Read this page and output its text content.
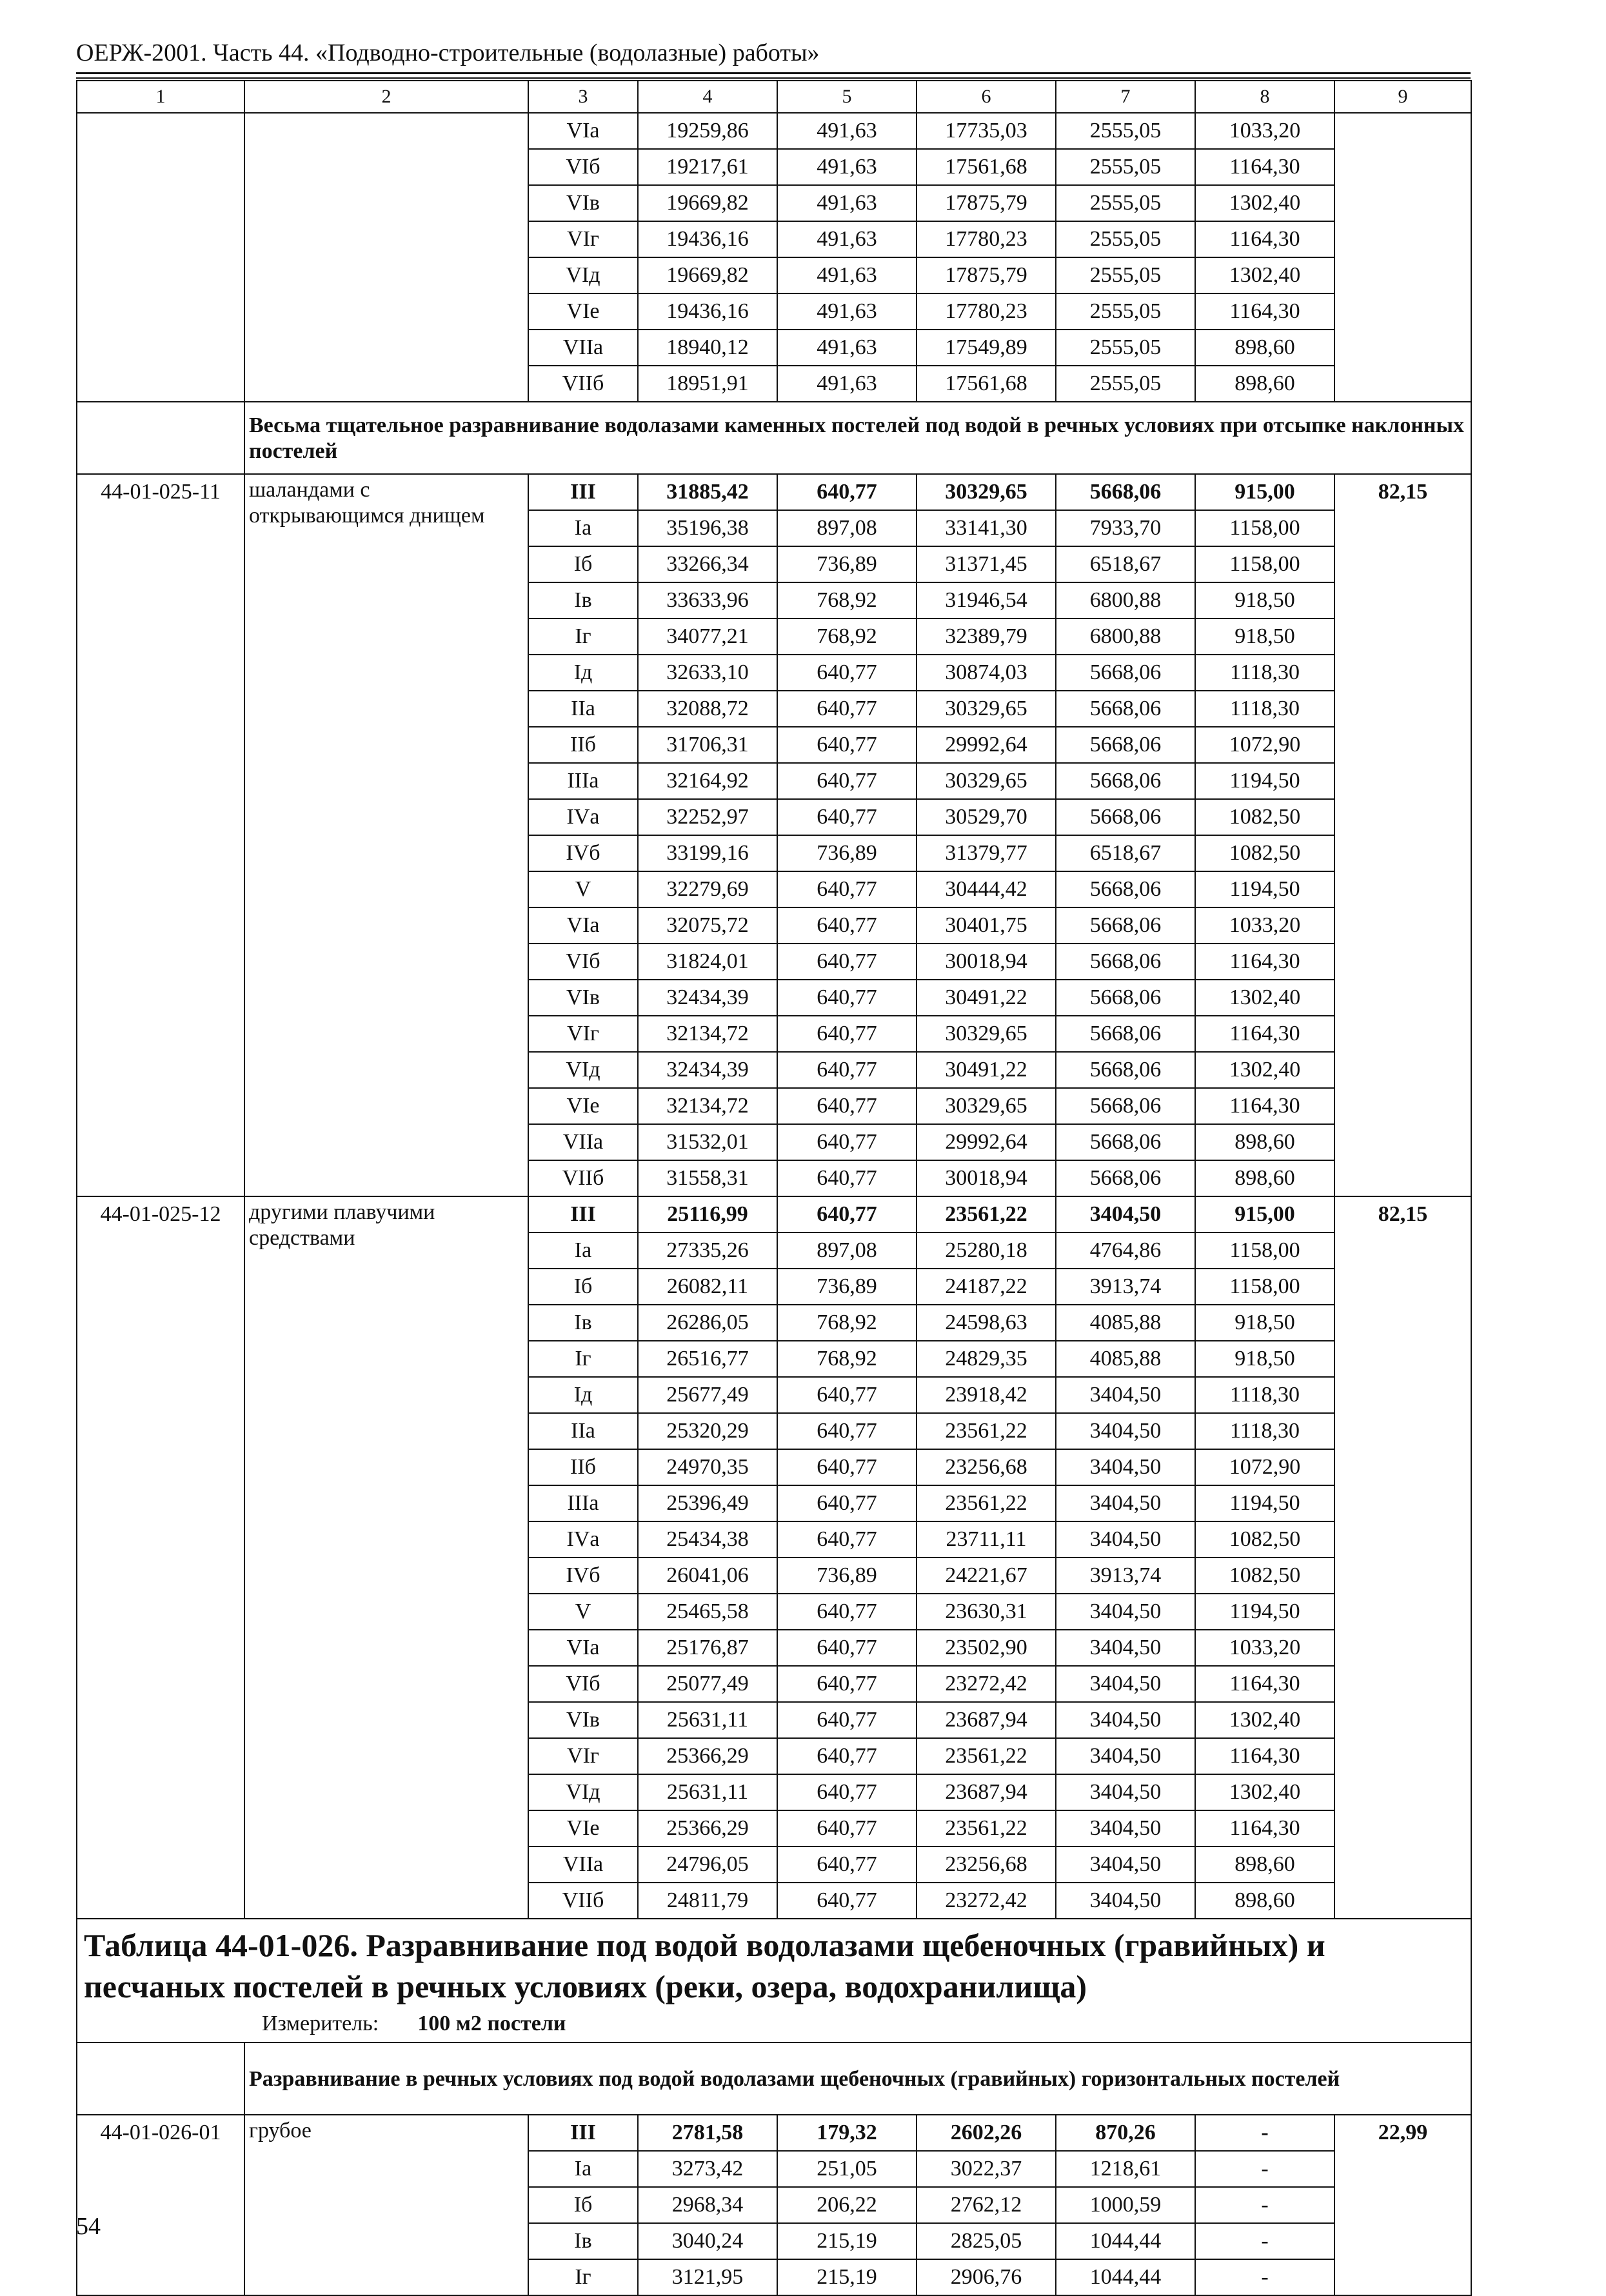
ОЕРЖ-2001. Часть 44. «Подводно-строительные (водолазные) работы»
1	2	3	4	5	6	7	8	9
		VIа	19259,86	491,63	17735,03	2555,05	1033,20	
		VIб	19217,61	491,63	17561,68	2555,05	1164,30	
		VIв	19669,82	491,63	17875,79	2555,05	1302,40	
		VIг	19436,16	491,63	17780,23	2555,05	1164,30	
		VIд	19669,82	491,63	17875,79	2555,05	1302,40	
		VIе	19436,16	491,63	17780,23	2555,05	1164,30	
		VIIа	18940,12	491,63	17549,89	2555,05	898,60	
		VIIб	18951,91	491,63	17561,68	2555,05	898,60	
	Весьма тщательное разравнивание водолазами каменных постелей под водой в речных условиях при отсыпке наклонных постелей							
44-01-025-11	шаландами с открывающимся днищем	III	31885,42	640,77	30329,65	5668,06	915,00	82,15
		Iа	35196,38	897,08	33141,30	7933,70	1158,00	
		Iб	33266,34	736,89	31371,45	6518,67	1158,00	
		Iв	33633,96	768,92	31946,54	6800,88	918,50	
		Iг	34077,21	768,92	32389,79	6800,88	918,50	
		Iд	32633,10	640,77	30874,03	5668,06	1118,30	
		IIа	32088,72	640,77	30329,65	5668,06	1118,30	
		IIб	31706,31	640,77	29992,64	5668,06	1072,90	
		IIIа	32164,92	640,77	30329,65	5668,06	1194,50	
		IVа	32252,97	640,77	30529,70	5668,06	1082,50	
		IVб	33199,16	736,89	31379,77	6518,67	1082,50	
		V	32279,69	640,77	30444,42	5668,06	1194,50	
		VIа	32075,72	640,77	30401,75	5668,06	1033,20	
		VIб	31824,01	640,77	30018,94	5668,06	1164,30	
		VIв	32434,39	640,77	30491,22	5668,06	1302,40	
		VIг	32134,72	640,77	30329,65	5668,06	1164,30	
		VIд	32434,39	640,77	30491,22	5668,06	1302,40	
		VIе	32134,72	640,77	30329,65	5668,06	1164,30	
		VIIа	31532,01	640,77	29992,64	5668,06	898,60	
		VIIб	31558,31	640,77	30018,94	5668,06	898,60	
44-01-025-12	другими плавучими средствами	III	25116,99	640,77	23561,22	3404,50	915,00	82,15
		Iа	27335,26	897,08	25280,18	4764,86	1158,00	
		Iб	26082,11	736,89	24187,22	3913,74	1158,00	
		Iв	26286,05	768,92	24598,63	4085,88	918,50	
		Iг	26516,77	768,92	24829,35	4085,88	918,50	
		Iд	25677,49	640,77	23918,42	3404,50	1118,30	
		IIа	25320,29	640,77	23561,22	3404,50	1118,30	
		IIб	24970,35	640,77	23256,68	3404,50	1072,90	
		IIIа	25396,49	640,77	23561,22	3404,50	1194,50	
		IVа	25434,38	640,77	23711,11	3404,50	1082,50	
		IVб	26041,06	736,89	24221,67	3913,74	1082,50	
		V	25465,58	640,77	23630,31	3404,50	1194,50	
		VIа	25176,87	640,77	23502,90	3404,50	1033,20	
		VIб	25077,49	640,77	23272,42	3404,50	1164,30	
		VIв	25631,11	640,77	23687,94	3404,50	1302,40	
		VIг	25366,29	640,77	23561,22	3404,50	1164,30	
		VIд	25631,11	640,77	23687,94	3404,50	1302,40	
		VIе	25366,29	640,77	23561,22	3404,50	1164,30	
		VIIа	24796,05	640,77	23256,68	3404,50	898,60	
		VIIб	24811,79	640,77	23272,42	3404,50	898,60	

Таблица 44-01-026. Разравнивание под водой водолазами щебеночных (гравийных) и песчаных постелей в речных условиях (реки, озера, водохранилища)
Измеритель: 100 м2 постели								

	Разравнивание в речных условиях под водой водолазами щебеночных (гравийных) горизонтальных постелей							
44-01-026-01	грубое	III	2781,58	179,32	2602,26	870,26	-	22,99
		Iа	3273,42	251,05	3022,37	1218,61	-	
		Iб	2968,34	206,22	2762,12	1000,59	-	
		Iв	3040,24	215,19	2825,05	1044,44	-	
		Iг	3121,95	215,19	2906,76	1044,44	-	
54
